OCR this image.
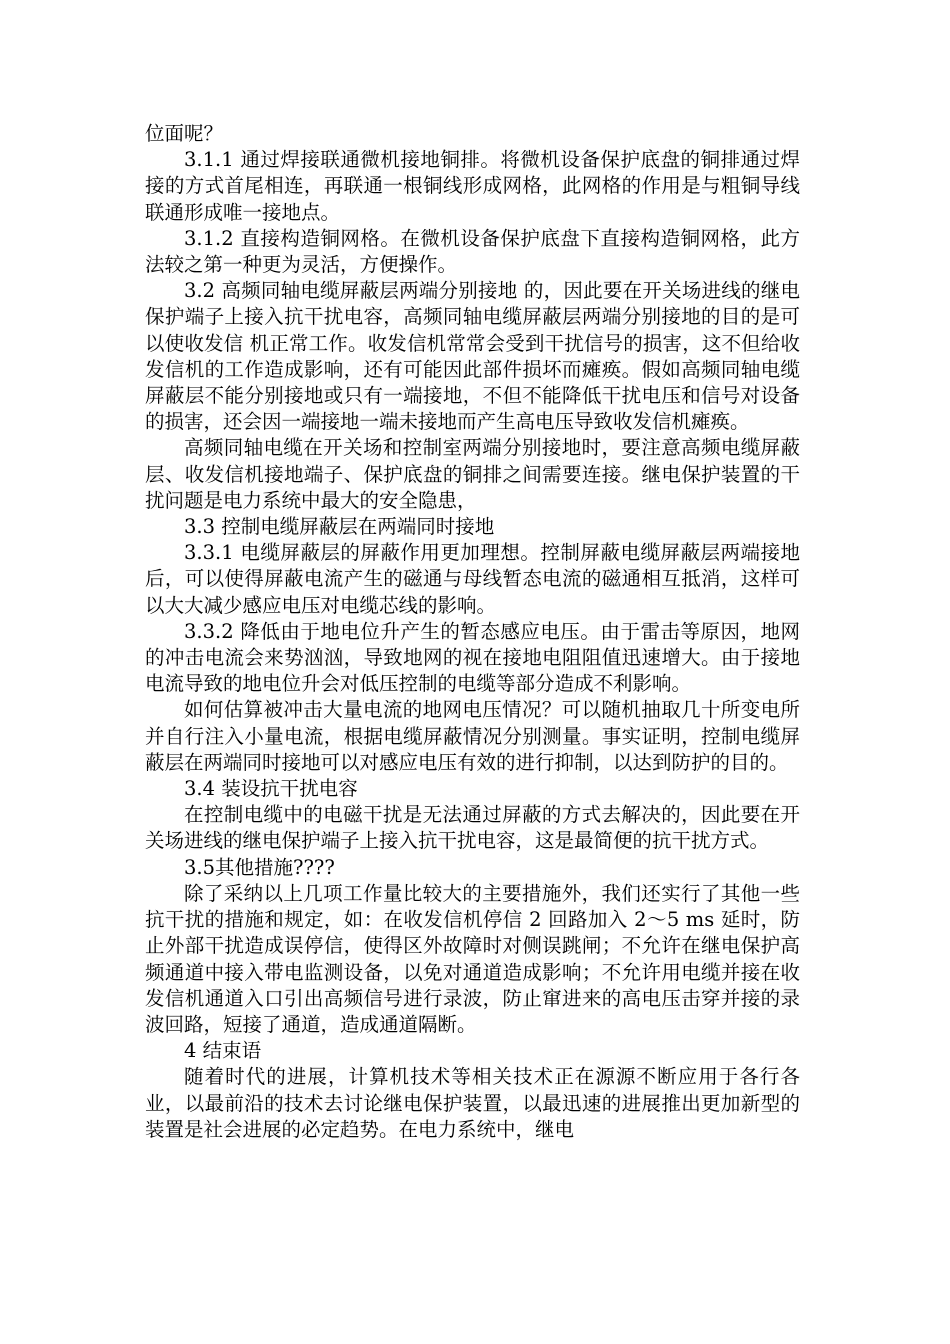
位面呢？

3.1.1 通过焊接联通微机接地铜排。将微机设备保护底盘的铜排通过焊接的方式首尾相连，再联通一根铜线形成网格，此网格的作用是与粗铜导线联通形成唯一接地点。

3.1.2 直接构造铜网格。在微机设备保护底盘下直接构造铜网格，此方法较之第一种更为灵活，方便操作。

3.2 高频同轴电缆屏蔽层两端分别接地 的，因此要在开关场进线的继电保护端子上接入抗干扰电容，高频同轴电缆屏蔽层两端分别接地的目的是可以使收发信 机正常工作。收发信机常常会受到干扰信号的损害，这不但给收发信机的工作造成影响，还有可能因此部件损坏而瘫痪。假如高频同轴电缆屏蔽层不能分别接地或只有一端接地，不但不能降低干扰电压和信号对设备的损害，还会因一端接地一端未接地而产生高电压导致收发信机瘫痪。

高频同轴电缆在开关场和控制室两端分别接地时，要注意高频电缆屏蔽层、收发信机接地端子、保护底盘的铜排之间需要连接。继电保护装置的干扰问题是电力系统中最大的安全隐患，

3.3 控制电缆屏蔽层在两端同时接地

3.3.1 电缆屏蔽层的屏蔽作用更加理想。控制屏蔽电缆屏蔽层两端接地后，可以使得屏蔽电流产生的磁通与母线暂态电流的磁通相互抵消，这样可以大大减少感应电压对电缆芯线的影响。

3.3.2 降低由于地电位升产生的暂态感应电压。由于雷击等原因，地网的冲击电流会来势汹汹，导致地网的视在接地电阻阻值迅速增大。由于接地电流导致的地电位升会对低压控制的电缆等部分造成不利影响。

如何估算被冲击大量电流的地网电压情况？可以随机抽取几十所变电所并自行注入小量电流，根据电缆屏蔽情况分别测量。事实证明，控制电缆屏蔽层在两端同时接地可以对感应电压有效的进行抑制，以达到防护的目的。

3.4 装设抗干扰电容

在控制电缆中的电磁干扰是无法通过屏蔽的方式去解决的，因此要在开关场进线的继电保护端子上接入抗干扰电容，这是最简便的抗干扰方式。

3.5其他措施????

除了采纳以上几项工作量比较大的主要措施外，我们还实行了其他一些抗干扰的措施和规定，如：在收发信机停信 2 回路加入 2～5 ms 延时，防止外部干扰造成误停信，使得区外故障时对侧误跳闸；不允许在继电保护高频通道中接入带电监测设备，以免对通道造成影响；不允许用电缆并接在收发信机通道入口引出高频信号进行录波，防止窜进来的高电压击穿并接的录波回路，短接了通道，造成通道隔断。

4 结束语

随着时代的进展，计算机技术等相关技术正在源源不断应用于各行各业，以最前沿的技术去讨论继电保护装置，以最迅速的进展推出更加新型的装置是社会进展的必定趋势。在电力系统中，继电
